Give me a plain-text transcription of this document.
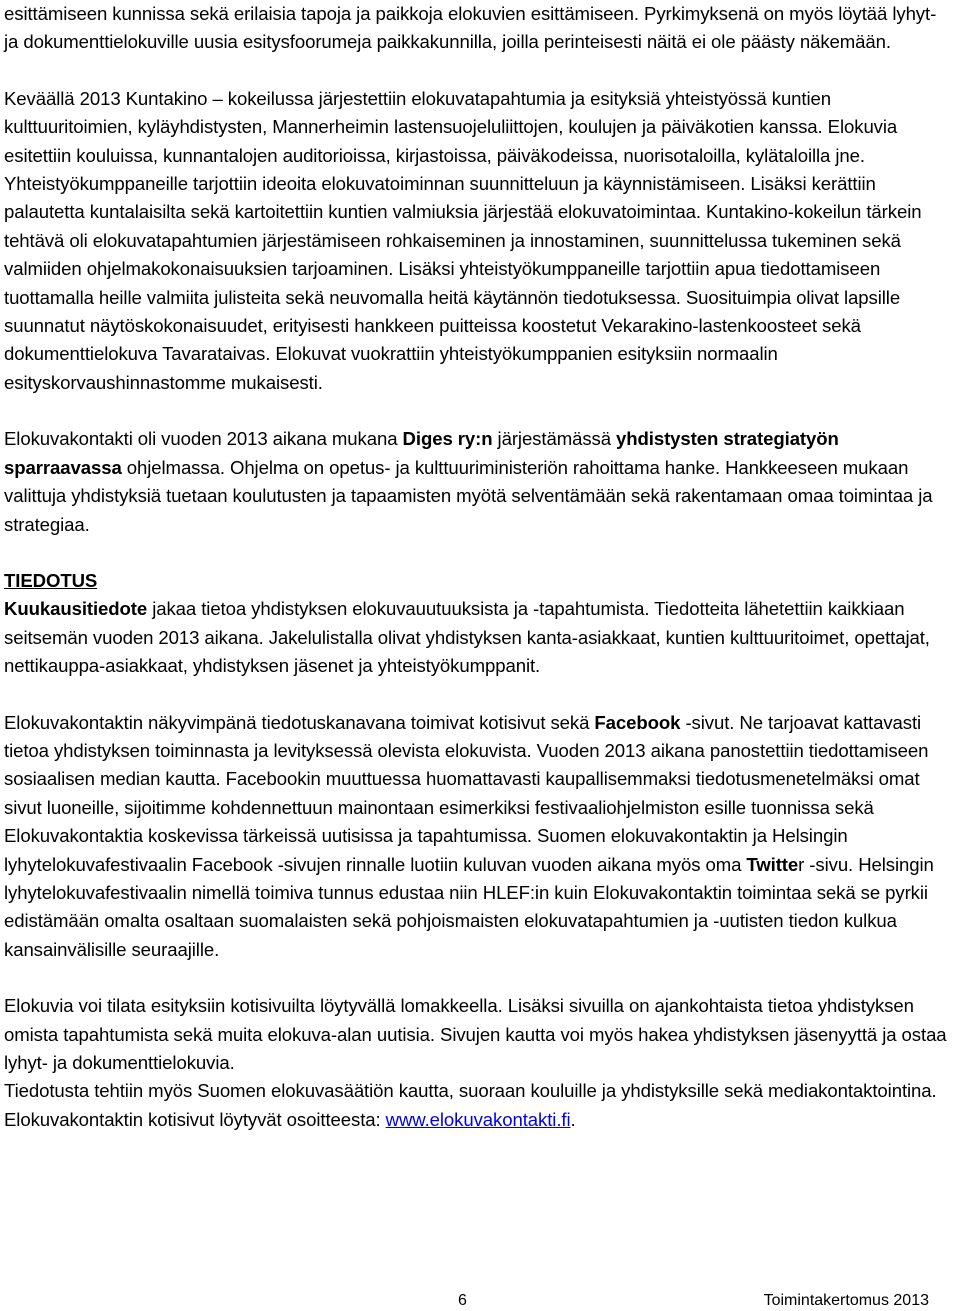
esittämiseen kunnissa sekä erilaisia tapoja ja paikkoja elokuvien esittämiseen. Pyrkimyksenä on myös löytää lyhyt- ja dokumenttielokuville uusia esitysfoorumeja paikkakunnilla, joilla perinteisesti näitä ei ole päästy näkemään.

Keväällä 2013 Kuntakino – kokeilussa järjestettiin elokuvatapahtumia ja esityksiä yhteistyössä kuntien kulttuuritoimien, kyläyhdistysten, Mannerheimin lastensuojeluliittojen, koulujen ja päiväkotien kanssa. Elokuvia esitettiin kouluissa, kunnantalojen auditorioissa, kirjastoissa, päiväkodeissa, nuorisotaloilla, kylätaloilla jne. Yhteistyökumppaneille tarjottiin ideoita elokuvatoiminnan suunnitteluun ja käynnistämiseen. Lisäksi kerättiin palautetta kuntalaisilta sekä kartoitettiin kuntien valmiuksia järjestää elokuvatoimintaa. Kuntakino-kokeilun tärkein tehtävä oli elokuvatapahtumien järjestämiseen rohkaiseminen ja innostaminen, suunnittelussa tukeminen sekä valmiiden ohjelmakokonaisuuksien tarjoaminen. Lisäksi yhteistyökumppaneille tarjottiin apua tiedottamiseen tuottamalla heille valmiita julisteita sekä neuvomalla heitä käytännön tiedotuksessa. Suosituimpia olivat lapsille suunnatut näytöskokonaisuudet, erityisesti hankkeen puitteissa koostetut Vekarakino-lastenkoosteet sekä dokumenttielokuva Tavarataivas. Elokuvat vuokrattiin yhteistyökumppanien esityksiin normaalin esityskorvaushinnastomme mukaisesti.

Elokuvakontakti oli vuoden 2013 aikana mukana Diges ry:n järjestämässä yhdistysten strategiatyön sparraavassa ohjelmassa. Ohjelma on opetus- ja kulttuuriministeriön rahoittama hanke. Hankkeeseen mukaan valittuja yhdistyksiä tuetaan koulutusten ja tapaamisten myötä selventämään sekä rakentamaan omaa toimintaa ja strategiaa.

TIEDOTUS

Kuukausitiedote jakaa tietoa yhdistyksen elokuvauutuuksista ja -tapahtumista. Tiedotteita lähetettiin kaikkiaan seitsemän vuoden 2013 aikana. Jakelulistalla olivat yhdistyksen kanta-asiakkaat, kuntien kulttuuritoimet, opettajat, nettikauppa-asiakkaat, yhdistyksen jäsenet ja yhteistyökumppanit.

Elokuvakontaktin näkyvimpänä tiedotuskanavana toimivat kotisivut sekä Facebook -sivut. Ne tarjoavat kattavasti tietoa yhdistyksen toiminnasta ja levityksessä olevista elokuvista. Vuoden 2013 aikana panostettiin tiedottamiseen sosiaalisen median kautta. Facebookin muuttuessa huomattavasti kaupallisemmaksi tiedotusmenetelmäksi omat sivut luoneille, sijoitimme kohdennettuun mainontaan esimerkiksi festivaaliohjelmiston esille tuonnissa sekä Elokuvakontaktia koskevissa tärkeissä uutisissa ja tapahtumissa. Suomen elokuvakontaktin ja Helsingin lyhytelokuvafestivaalin Facebook -sivujen rinnalle luotiin kuluvan vuoden aikana myös oma Twitter -sivu. Helsingin lyhytelokuvafestivaalin nimellä toimiva tunnus edustaa niin HLEF:in kuin Elokuvakontaktin toimintaa sekä se pyrkii edistämään omalta osaltaan suomalaisten sekä pohjoismaisten elokuvatapahtumien ja -uutisten tiedon kulkua kansainvälisille seuraajille.

Elokuvia voi tilata esityksiin kotisivuilta löytyvällä lomakkeella. Lisäksi sivuilla on ajankohtaista tietoa yhdistyksen omista tapahtumista sekä muita elokuva-alan uutisia. Sivujen kautta voi myös hakea yhdistyksen jäsenyyttä ja ostaa lyhyt- ja dokumenttielokuvia.

Tiedotusta tehtiin myös Suomen elokuvasäätiön kautta, suoraan kouluille ja yhdistyksille sekä mediakontaktointina. Elokuvakontaktin kotisivut löytyvät osoitteesta: www.elokuvakontakti.fi.

6	Toimintakertomus 2013
